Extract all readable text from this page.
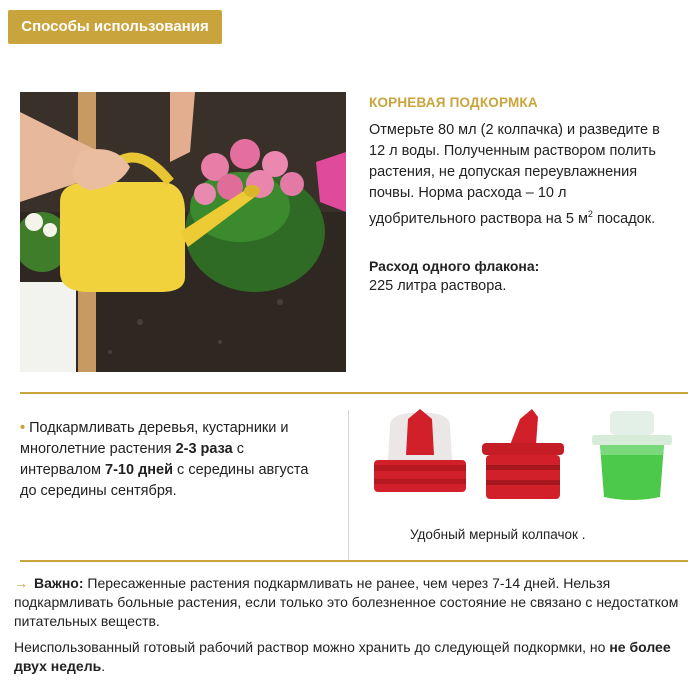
Способы использования
КОРНЕВАЯ ПОДКОРМКА
Отмерьте 80 мл (2 колпачка) и разведите в 12 л воды. Полученным раствором полить растения, не допуская переувлажнения почвы. Норма расхода – 10 л удобрительного раствора на 5 $м^2$ посадок.
Расход одного флакона:
225 литра раствора.
• Подкармливать деревья, кустарники и многолетние растения 2-3 раза с интервалом 7-10 дней с середины августа до середины сентября.
Удобный мерный колпачок .
→ Важно: Пересаженные растения подкармливать не ранее, чем через 7-14 дней. Нельзя подкармливать больные растения, если только это болезненное состояние не связано с недостатком питательных веществ.
Неиспользованный готовый рабочий раствор можно хранить до следующей подкормки, но не более двух недель.
